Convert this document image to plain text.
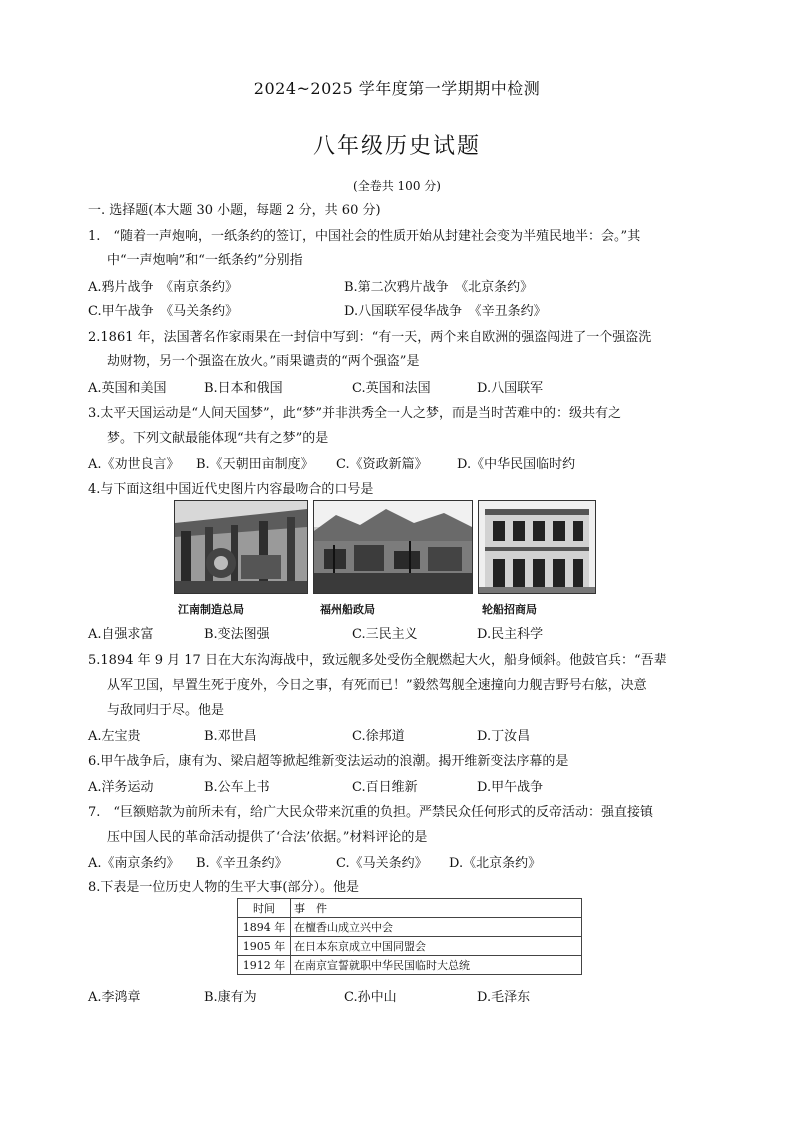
2024~2025 学年度第一学期期中检测
八年级历史试题
(全卷共 100 分)
一. 选择题(本大题 30 小题，每题 2 分，共 60 分)
1.　“随着一声炮响，一纸条约的签订，中国社会的性质开始从封建社会变为半殖民地半：会。”其
中“一声炮响”和“一纸条约”分别指
A.鸦片战争　《南京条约》	B.第二次鸦片战争　《北京条约》
C.甲午战争　《马关条约》	D.八国联军侵华战争　《辛丑条约》
2.1861 年，法国著名作家雨果在一封信中写到：“有一天，两个来自欧洲的强盗闯进了一个强盗洗
劫财物，另一个强盗在放火。”雨果谴责的“两个强盗”是
A.英国和美国	B.日本和俄国	C.英国和法国	D.八国联军
3.太平天国运动是“人间天国梦”，此“梦”并非洪秀全一人之梦，而是当时苦难中的：级共有之
梦。下列文献最能体现“共有之梦”的是
A.《劝世良言》 B.《天朝田亩制度》 C.《资政新篇》 D.《中华民国临时约
4.与下面这组中国近代史图片内容最吻合的口号是
江南制造总局	福州船政局	轮船招商局
A.自强求富	B.变法图强	C.三民主义	D.民主科学
5.1894 年 9 月 17 日在大东沟海战中，致远舰多处受伤全舰燃起大火，船身倾斜。他鼓官兵：“吾辈
从军卫国，早置生死于度外，今日之事，有死而已！”毅然驾舰全速撞向力舰吉野号右舷，决意
与敌同归于尽。他是
A.左宝贵	B.邓世昌	C.徐邦道	D.丁汝昌
6.甲午战争后，康有为、梁启超等掀起维新变法运动的浪潮。揭开维新变法序幕的是
A.洋务运动	B.公车上书	C.百日维新	D.甲午战争
7.　“巨额赔款为前所未有，给广大民众带来沉重的负担。严禁民众任何形式的反帝活动：强直接镇
压中国人民的革命活动提供了‘合法’依据。”材料评论的是
A.《南京条约》 B.《辛丑条约》	C.《马关条约》 D.《北京条约》
8.下表是一位历史人物的生平大事(部分）。他是
时间	事　件
1894 年	在檀香山成立兴中会
1905 年	在日本东京成立中国同盟会
1912 年	在南京宣誓就职中华民国临时大总统
A.李鸿章	B.康有为	C.孙中山	D.毛泽东
